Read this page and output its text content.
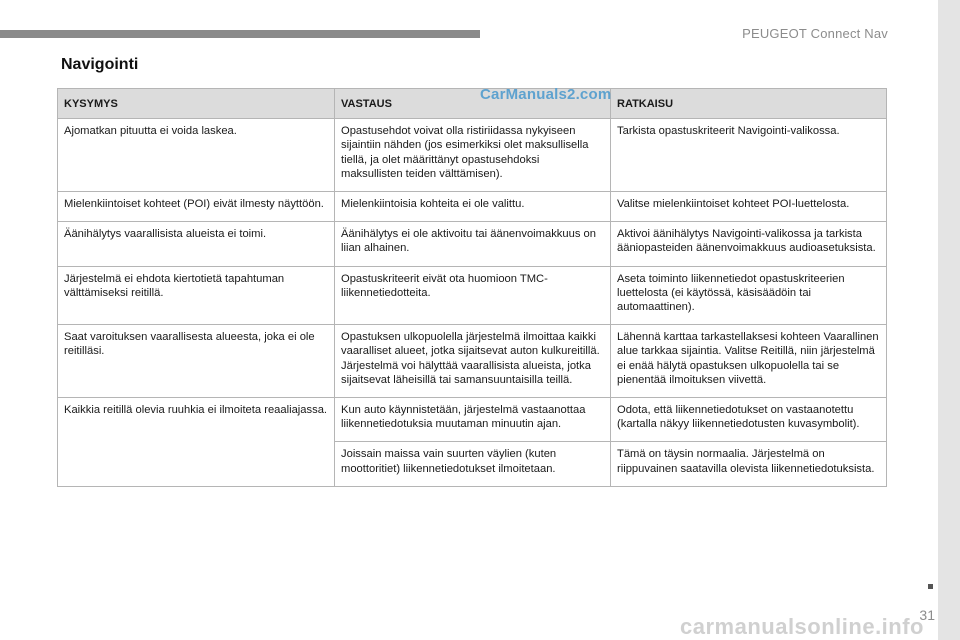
PEUGEOT Connect Nav
Navigointi
KYSYMYS	VASTAUS	RATKAISU
Ajomatkan pituutta ei voida laskea.	Opastusehdot voivat olla ristiriidassa nykyiseen sijaintiin nähden (jos esimerkiksi olet maksullisella tiellä, ja olet määrittänyt opastusehdoksi maksullisten teiden välttämisen).	Tarkista opastuskriteerit Navigointi-valikossa.
Mielenkiintoiset kohteet (POI) eivät ilmesty näyttöön.	Mielenkiintoisia kohteita ei ole valittu.	Valitse mielenkiintoiset kohteet POI-luettelosta.
Äänihälytys vaarallisista alueista ei toimi.	Äänihälytys ei ole aktivoitu tai äänenvoimakkuus on liian alhainen.	Aktivoi äänihälytys Navigointi-valikossa ja tarkista ääniopasteiden äänenvoimakkuus audioasetuksista.
Järjestelmä ei ehdota kiertotietä tapahtuman välttämiseksi reitillä.	Opastuskriteerit eivät ota huomioon TMC-liikennetiedotteita.	Aseta toiminto liikennetiedot opastuskriteerien luettelosta (ei käytössä, käsisäädöin tai automaattinen).
Saat varoituksen vaarallisesta alueesta, joka ei ole reitilläsi.	Opastuksen ulkopuolella järjestelmä ilmoittaa kaikki vaaralliset alueet, jotka sijaitsevat auton kulkureitillä. Järjestelmä voi hälyttää vaarallisista alueista, jotka sijaitsevat läheisillä tai samansuuntaisilla teillä.	Lähennä karttaa tarkastellaksesi kohteen Vaarallinen alue tarkkaa sijaintia. Valitse Reitillä, niin järjestelmä ei enää hälytä opastuksen ulkopuolella tai se pienentää ilmoituksen viivettä.
Kaikkia reitillä olevia ruuhkia ei ilmoiteta reaaliajassa.	Kun auto käynnistetään, järjestelmä vastaanottaa liikennetiedotuksia muutaman minuutin ajan.	Odota, että liikennetiedotukset on vastaanotettu (kartalla näkyy liikennetiedotusten kuvasymbolit).
	Joissain maissa vain suurten väylien (kuten moottoritiet) liikennetiedotukset ilmoitetaan.	Tämä on täysin normaalia. Järjestelmä on riippuvainen saatavilla olevista liikennetiedotuksista.
CarManuals2.com
31
carmanualsonline.info
